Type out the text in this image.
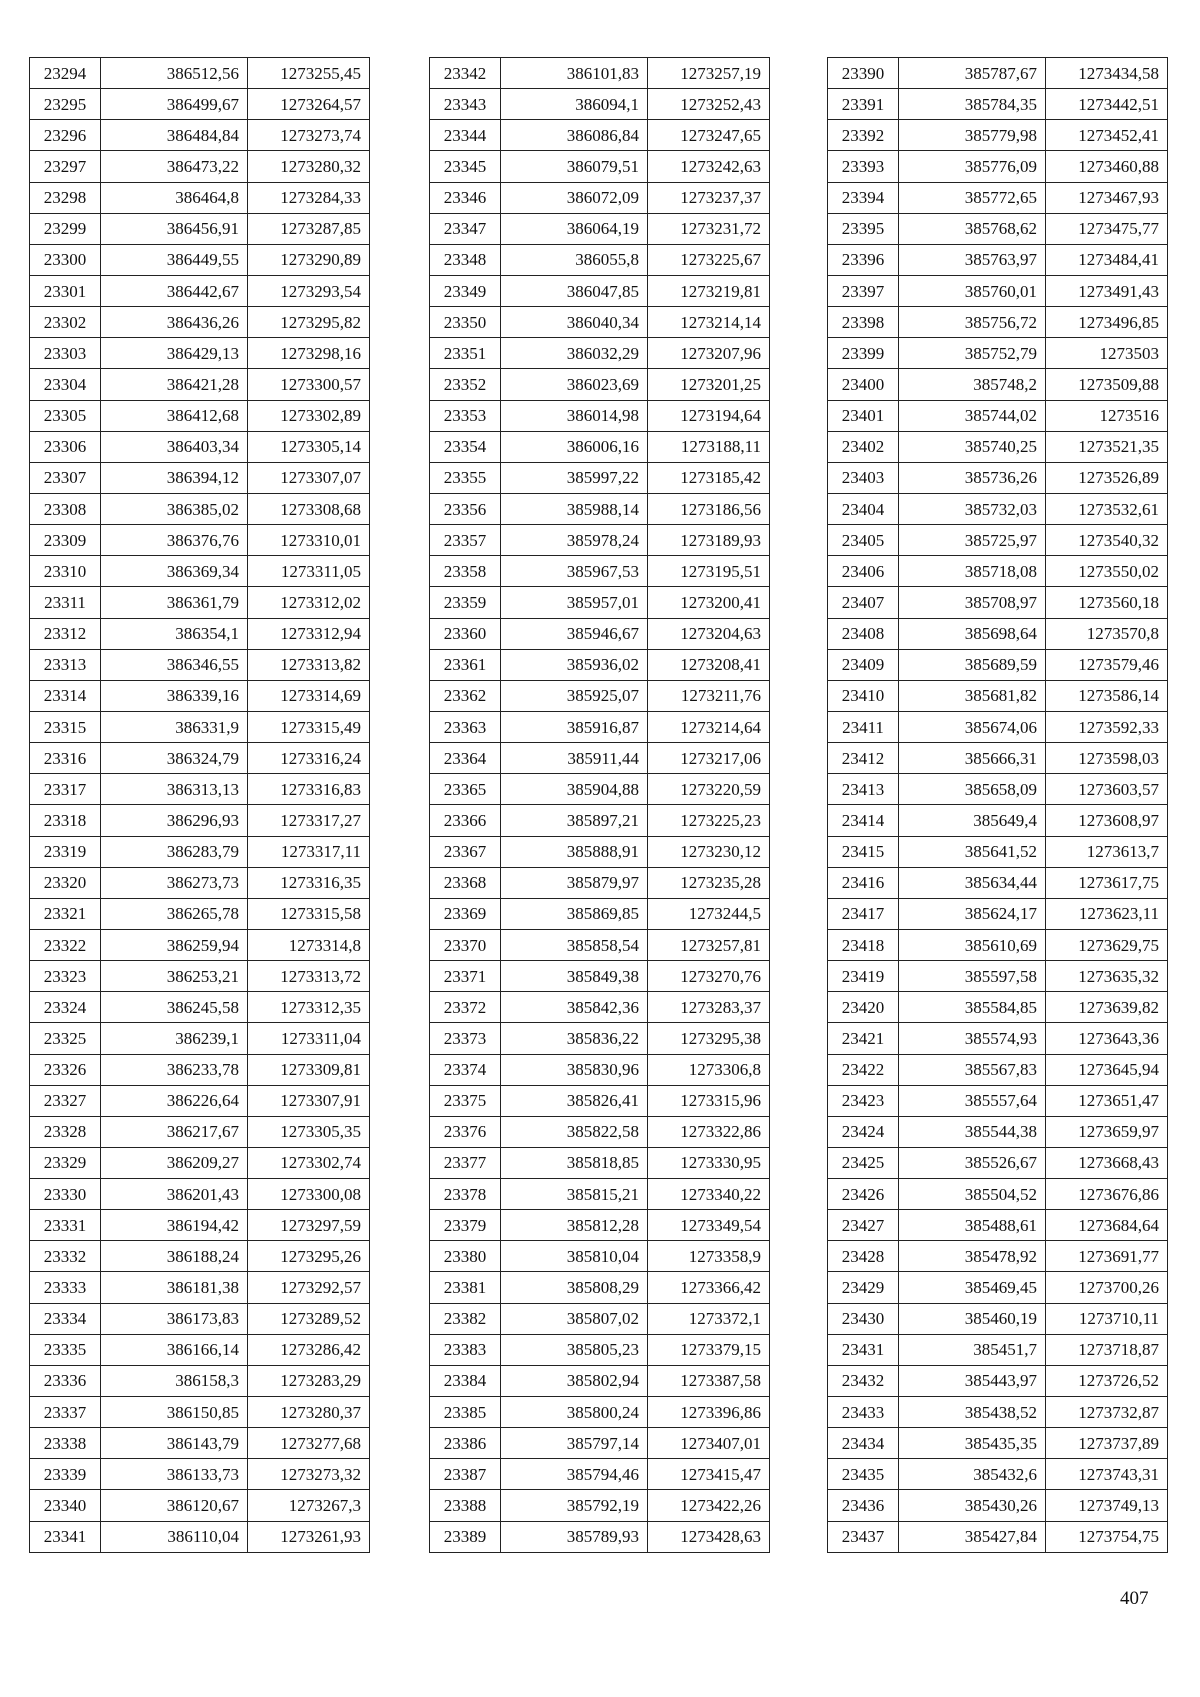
23294	386512,56	1273255,45
23295	386499,67	1273264,57
23296	386484,84	1273273,74
23297	386473,22	1273280,32
23298	386464,8	1273284,33
23299	386456,91	1273287,85
23300	386449,55	1273290,89
23301	386442,67	1273293,54
23302	386436,26	1273295,82
23303	386429,13	1273298,16
23304	386421,28	1273300,57
23305	386412,68	1273302,89
23306	386403,34	1273305,14
23307	386394,12	1273307,07
23308	386385,02	1273308,68
23309	386376,76	1273310,01
23310	386369,34	1273311,05
23311	386361,79	1273312,02
23312	386354,1	1273312,94
23313	386346,55	1273313,82
23314	386339,16	1273314,69
23315	386331,9	1273315,49
23316	386324,79	1273316,24
23317	386313,13	1273316,83
23318	386296,93	1273317,27
23319	386283,79	1273317,11
23320	386273,73	1273316,35
23321	386265,78	1273315,58
23322	386259,94	1273314,8
23323	386253,21	1273313,72
23324	386245,58	1273312,35
23325	386239,1	1273311,04
23326	386233,78	1273309,81
23327	386226,64	1273307,91
23328	386217,67	1273305,35
23329	386209,27	1273302,74
23330	386201,43	1273300,08
23331	386194,42	1273297,59
23332	386188,24	1273295,26
23333	386181,38	1273292,57
23334	386173,83	1273289,52
23335	386166,14	1273286,42
23336	386158,3	1273283,29
23337	386150,85	1273280,37
23338	386143,79	1273277,68
23339	386133,73	1273273,32
23340	386120,67	1273267,3
23341	386110,04	1273261,93
23342	386101,83	1273257,19
23343	386094,1	1273252,43
23344	386086,84	1273247,65
23345	386079,51	1273242,63
23346	386072,09	1273237,37
23347	386064,19	1273231,72
23348	386055,8	1273225,67
23349	386047,85	1273219,81
23350	386040,34	1273214,14
23351	386032,29	1273207,96
23352	386023,69	1273201,25
23353	386014,98	1273194,64
23354	386006,16	1273188,11
23355	385997,22	1273185,42
23356	385988,14	1273186,56
23357	385978,24	1273189,93
23358	385967,53	1273195,51
23359	385957,01	1273200,41
23360	385946,67	1273204,63
23361	385936,02	1273208,41
23362	385925,07	1273211,76
23363	385916,87	1273214,64
23364	385911,44	1273217,06
23365	385904,88	1273220,59
23366	385897,21	1273225,23
23367	385888,91	1273230,12
23368	385879,97	1273235,28
23369	385869,85	1273244,5
23370	385858,54	1273257,81
23371	385849,38	1273270,76
23372	385842,36	1273283,37
23373	385836,22	1273295,38
23374	385830,96	1273306,8
23375	385826,41	1273315,96
23376	385822,58	1273322,86
23377	385818,85	1273330,95
23378	385815,21	1273340,22
23379	385812,28	1273349,54
23380	385810,04	1273358,9
23381	385808,29	1273366,42
23382	385807,02	1273372,1
23383	385805,23	1273379,15
23384	385802,94	1273387,58
23385	385800,24	1273396,86
23386	385797,14	1273407,01
23387	385794,46	1273415,47
23388	385792,19	1273422,26
23389	385789,93	1273428,63
23390	385787,67	1273434,58
23391	385784,35	1273442,51
23392	385779,98	1273452,41
23393	385776,09	1273460,88
23394	385772,65	1273467,93
23395	385768,62	1273475,77
23396	385763,97	1273484,41
23397	385760,01	1273491,43
23398	385756,72	1273496,85
23399	385752,79	1273503
23400	385748,2	1273509,88
23401	385744,02	1273516
23402	385740,25	1273521,35
23403	385736,26	1273526,89
23404	385732,03	1273532,61
23405	385725,97	1273540,32
23406	385718,08	1273550,02
23407	385708,97	1273560,18
23408	385698,64	1273570,8
23409	385689,59	1273579,46
23410	385681,82	1273586,14
23411	385674,06	1273592,33
23412	385666,31	1273598,03
23413	385658,09	1273603,57
23414	385649,4	1273608,97
23415	385641,52	1273613,7
23416	385634,44	1273617,75
23417	385624,17	1273623,11
23418	385610,69	1273629,75
23419	385597,58	1273635,32
23420	385584,85	1273639,82
23421	385574,93	1273643,36
23422	385567,83	1273645,94
23423	385557,64	1273651,47
23424	385544,38	1273659,97
23425	385526,67	1273668,43
23426	385504,52	1273676,86
23427	385488,61	1273684,64
23428	385478,92	1273691,77
23429	385469,45	1273700,26
23430	385460,19	1273710,11
23431	385451,7	1273718,87
23432	385443,97	1273726,52
23433	385438,52	1273732,87
23434	385435,35	1273737,89
23435	385432,6	1273743,31
23436	385430,26	1273749,13
23437	385427,84	1273754,75
407
